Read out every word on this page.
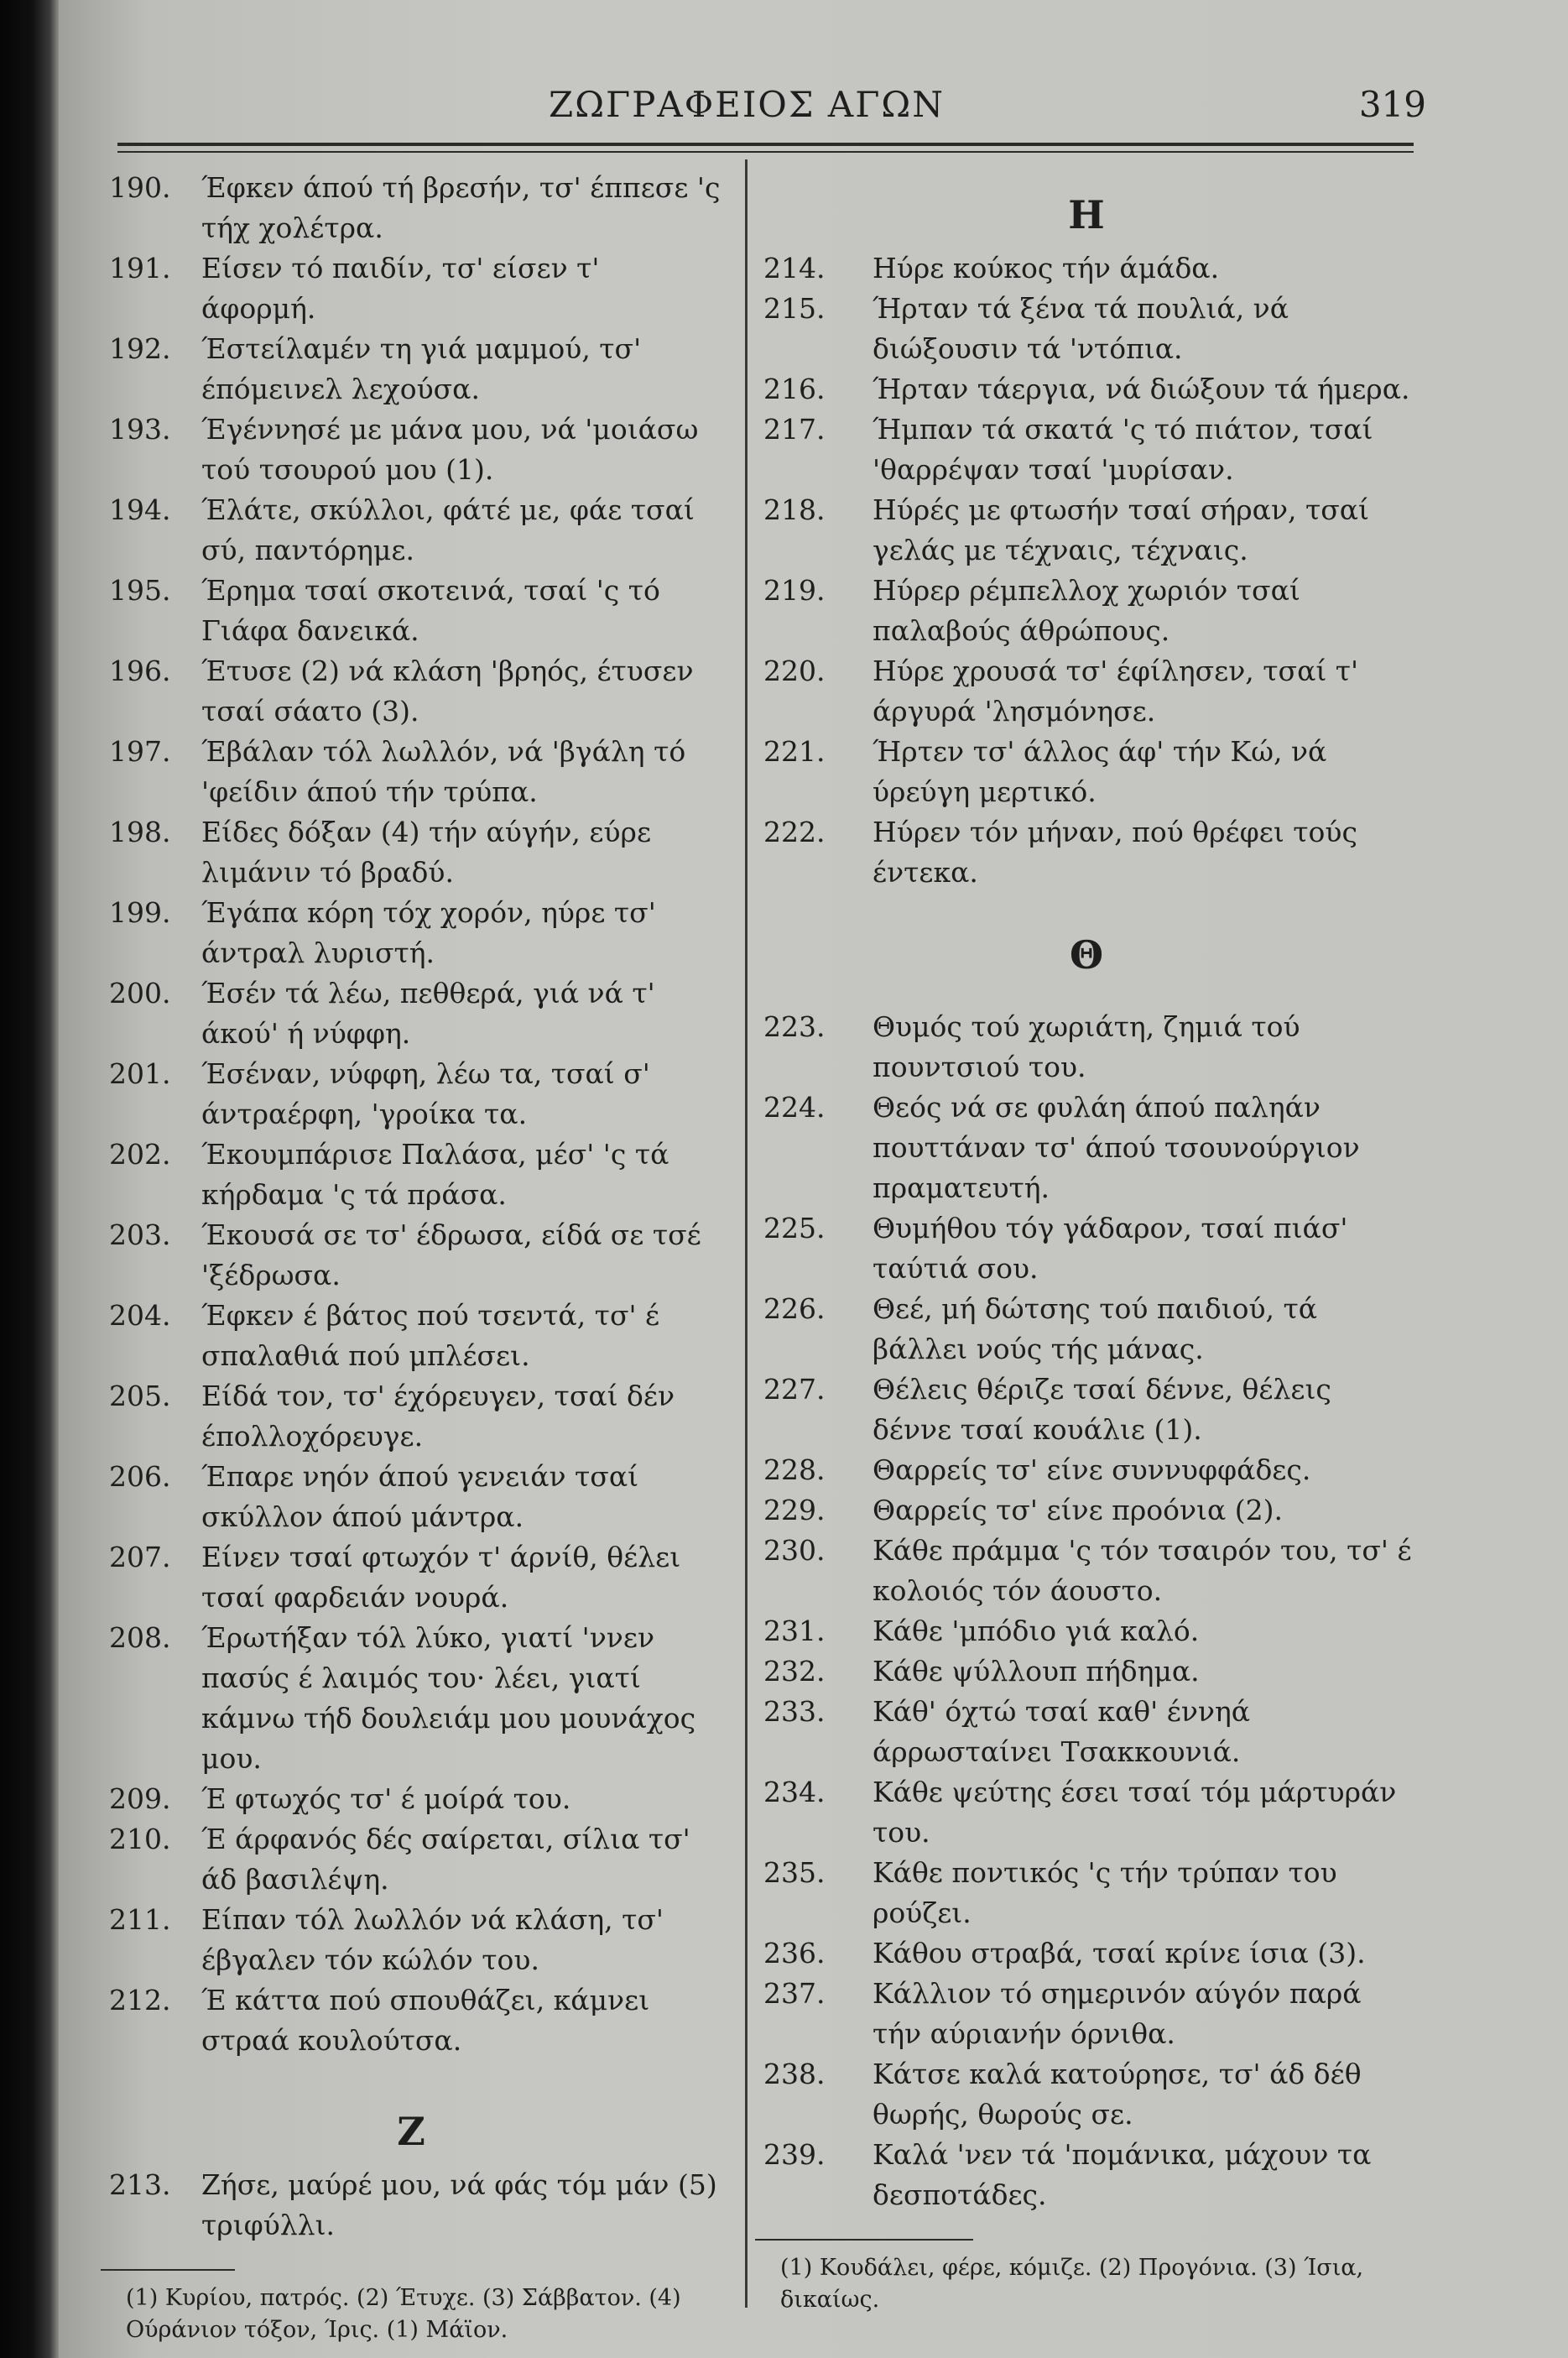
ΖΩΓΡΑΦΕΙΟΣ ΑΓΩΝ	319
190. Έφκεν άπού τή βρεσήν, τσ' έππεσε 'ς τήχ χολέτρα.
191. Είσεν τό παιδίν, τσ' είσεν τ' άφορμή.
192. Έστείλαμέν τη γιά μαμμού, τσ' έπόμεινελ λεχούσα.
193. Έγέννησέ με μάνα μου, νά 'μοιάσω τού τσουρού μου (1).
194. Έλάτε, σκύλλοι, φάτέ με, φάε τσαί σύ, παντόρημε.
195. Έρημα τσαί σκοτεινά, τσαί 'ς τό Γιάφα δανεικά.
196. Έτυσε (2) νά κλάση 'βρηός, έτυσεν τσαί σάατο (3).
197. Έβάλαν τόλ λωλλόν, νά 'βγάλη τό 'φείδιν άπού τήν τρύπα.
198. Είδες δόξαν (4) τήν αύγήν, εύρε λιμάνιν τό βραδύ.
199. Έγάπα κόρη τόχ χορόν, ηύρε τσ' άντραλ λυριστή.
200. Έσέν τά λέω, πεθθερά, γιά νά τ' άκού' ή νύφφη.
201. Έσέναν, νύφφη, λέω τα, τσαί σ' άντραέρφη, 'γροίκα τα.
202. Έκουμπάρισε Παλάσα, μέσ' 'ς τά κήρδαμα 'ς τά πράσα.
203. Έκουσά σε τσ' έδρωσα, είδά σε τσέ 'ξέδρωσα.
204. Έφκεν έ βάτος πού τσεντά, τσ' έ σπαλαθιά πού μπλέσει.
205. Είδά τον, τσ' έχόρευγεν, τσαί δέν έπολλοχόρευγε.
206. Έπαρε νηόν άπού γενειάν τσαί σκύλλον άπού μάντρα.
207. Είνεν τσαί φτωχόν τ' άρνίθ, θέλει τσαί φαρδειάν νουρά.
208. Έρωτήξαν τόλ λύκο, γιατί 'ννεν πασύς έ λαιμός του· λέει, γιατί κάμνω τήδ δουλειάμ μου μουνάχος μου.
209. Έ φτωχός τσ' έ μοίρά του.
210. Έ άρφανός δές σαίρεται, σίλια τσ' άδ βασιλέψη.
211. Είπαν τόλ λωλλόν νά κλάση, τσ' έβγαλεν τόν κώλόν του.
212. Έ κάττα πού σπουθάζει, κάμνει στραά κουλούτσα.
Ζ
213. Ζήσε, μαύρέ μου, νά φάς τόμ μάν (5) τριφύλλι.
(1) Κυρίου, πατρός. (2) Έτυχε. (3) Σάββατον. (4) Ούράνιον τόξον, Ίρις. (1) Μάϊον.
Η
214. Ηύρε κούκος τήν άμάδα.
215. Ήρταν τά ξένα τά πουλιά, νά διώξουσιν τά 'ντόπια.
216. Ήρταν τάεργια, νά διώξουν τά ήμερα.
217. Ήμπαν τά σκατά 'ς τό πιάτον, τσαί 'θαρρέψαν τσαί 'μυρίσαν.
218. Ηύρές με φτωσήν τσαί σήραν, τσαί γελάς με τέχναις, τέχναις.
219. Ηύρερ ρέμπελλοχ χωριόν τσαί παλαβούς άθρώπους.
220. Ηύρε χρουσά τσ' έφίλησεν, τσαί τ' άργυρά 'λησμόνησε.
221. Ήρτεν τσ' άλλος άφ' τήν Κώ, νά ύρεύγη μερτικό.
222. Ηύρεν τόν μήναν, πού θρέφει τούς έντεκα.
Θ
223. Θυμός τού χωριάτη, ζημιά τού πουντσιού του.
224. Θεός νά σε φυλάη άπού παληάν πουττάναν τσ' άπού τσουνούργιον πραματευτή.
225. Θυμήθου τόγ γάδαρον, τσαί πιάσ' ταύτιά σου.
226. Θεέ, μή δώτσης τού παιδιού, τά βάλλει νούς τής μάνας.
227. Θέλεις θέριζε τσαί δέννε, θέλεις δέννε τσαί κουάλιε (1).
228. Θαρρείς τσ' είνε συννυφφάδες.
229. Θαρρείς τσ' είνε προόνια (2).
230. Κάθε πράμμα 'ς τόν τσαιρόν του, τσ' έ κολοιός τόν άουστο.
231. Κάθε 'μπόδιο γιά καλό.
232. Κάθε ψύλλουπ πήδημα.
233. Κάθ' όχτώ τσαί καθ' έννηά άρρωσταίνει Τσακκουνιά.
234. Κάθε ψεύτης έσει τσαί τόμ μάρτυράν του.
235. Κάθε ποντικός 'ς τήν τρύπαν του ρούζει.
236. Κάθου στραβά, τσαί κρίνε ίσια (3).
237. Κάλλιον τό σημερινόν αύγόν παρά τήν αύριανήν όρνιθα.
238. Κάτσε καλά κατούρησε, τσ' άδ δέθ θωρής, θωρούς σε.
239. Καλά 'νεν τά 'πομάνικα, μάχουν τα δεσποτάδες.
(1) Κουδάλει, φέρε, κόμιζε. (2) Προγόνια. (3) Ίσια, δικαίως.
